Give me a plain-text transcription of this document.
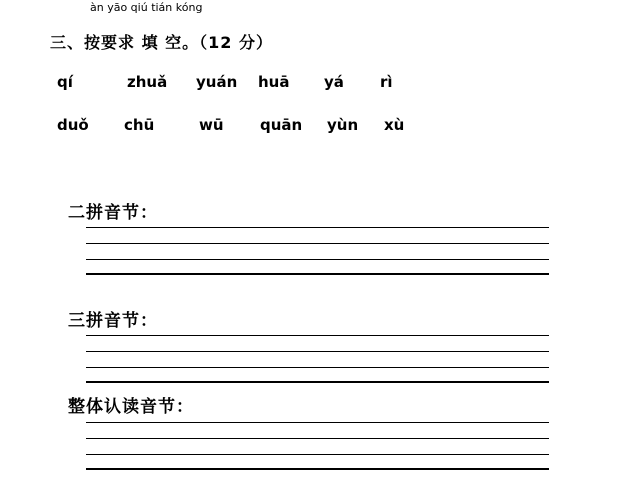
àn yāo qiú tián kóng
三、按要求 填 空。（12 分）
qí	zhuǎ yuán huā yá rì
duǒ chū	wū quān yùn xù
二拼音节：
三拼音节：
整体认读音节：
